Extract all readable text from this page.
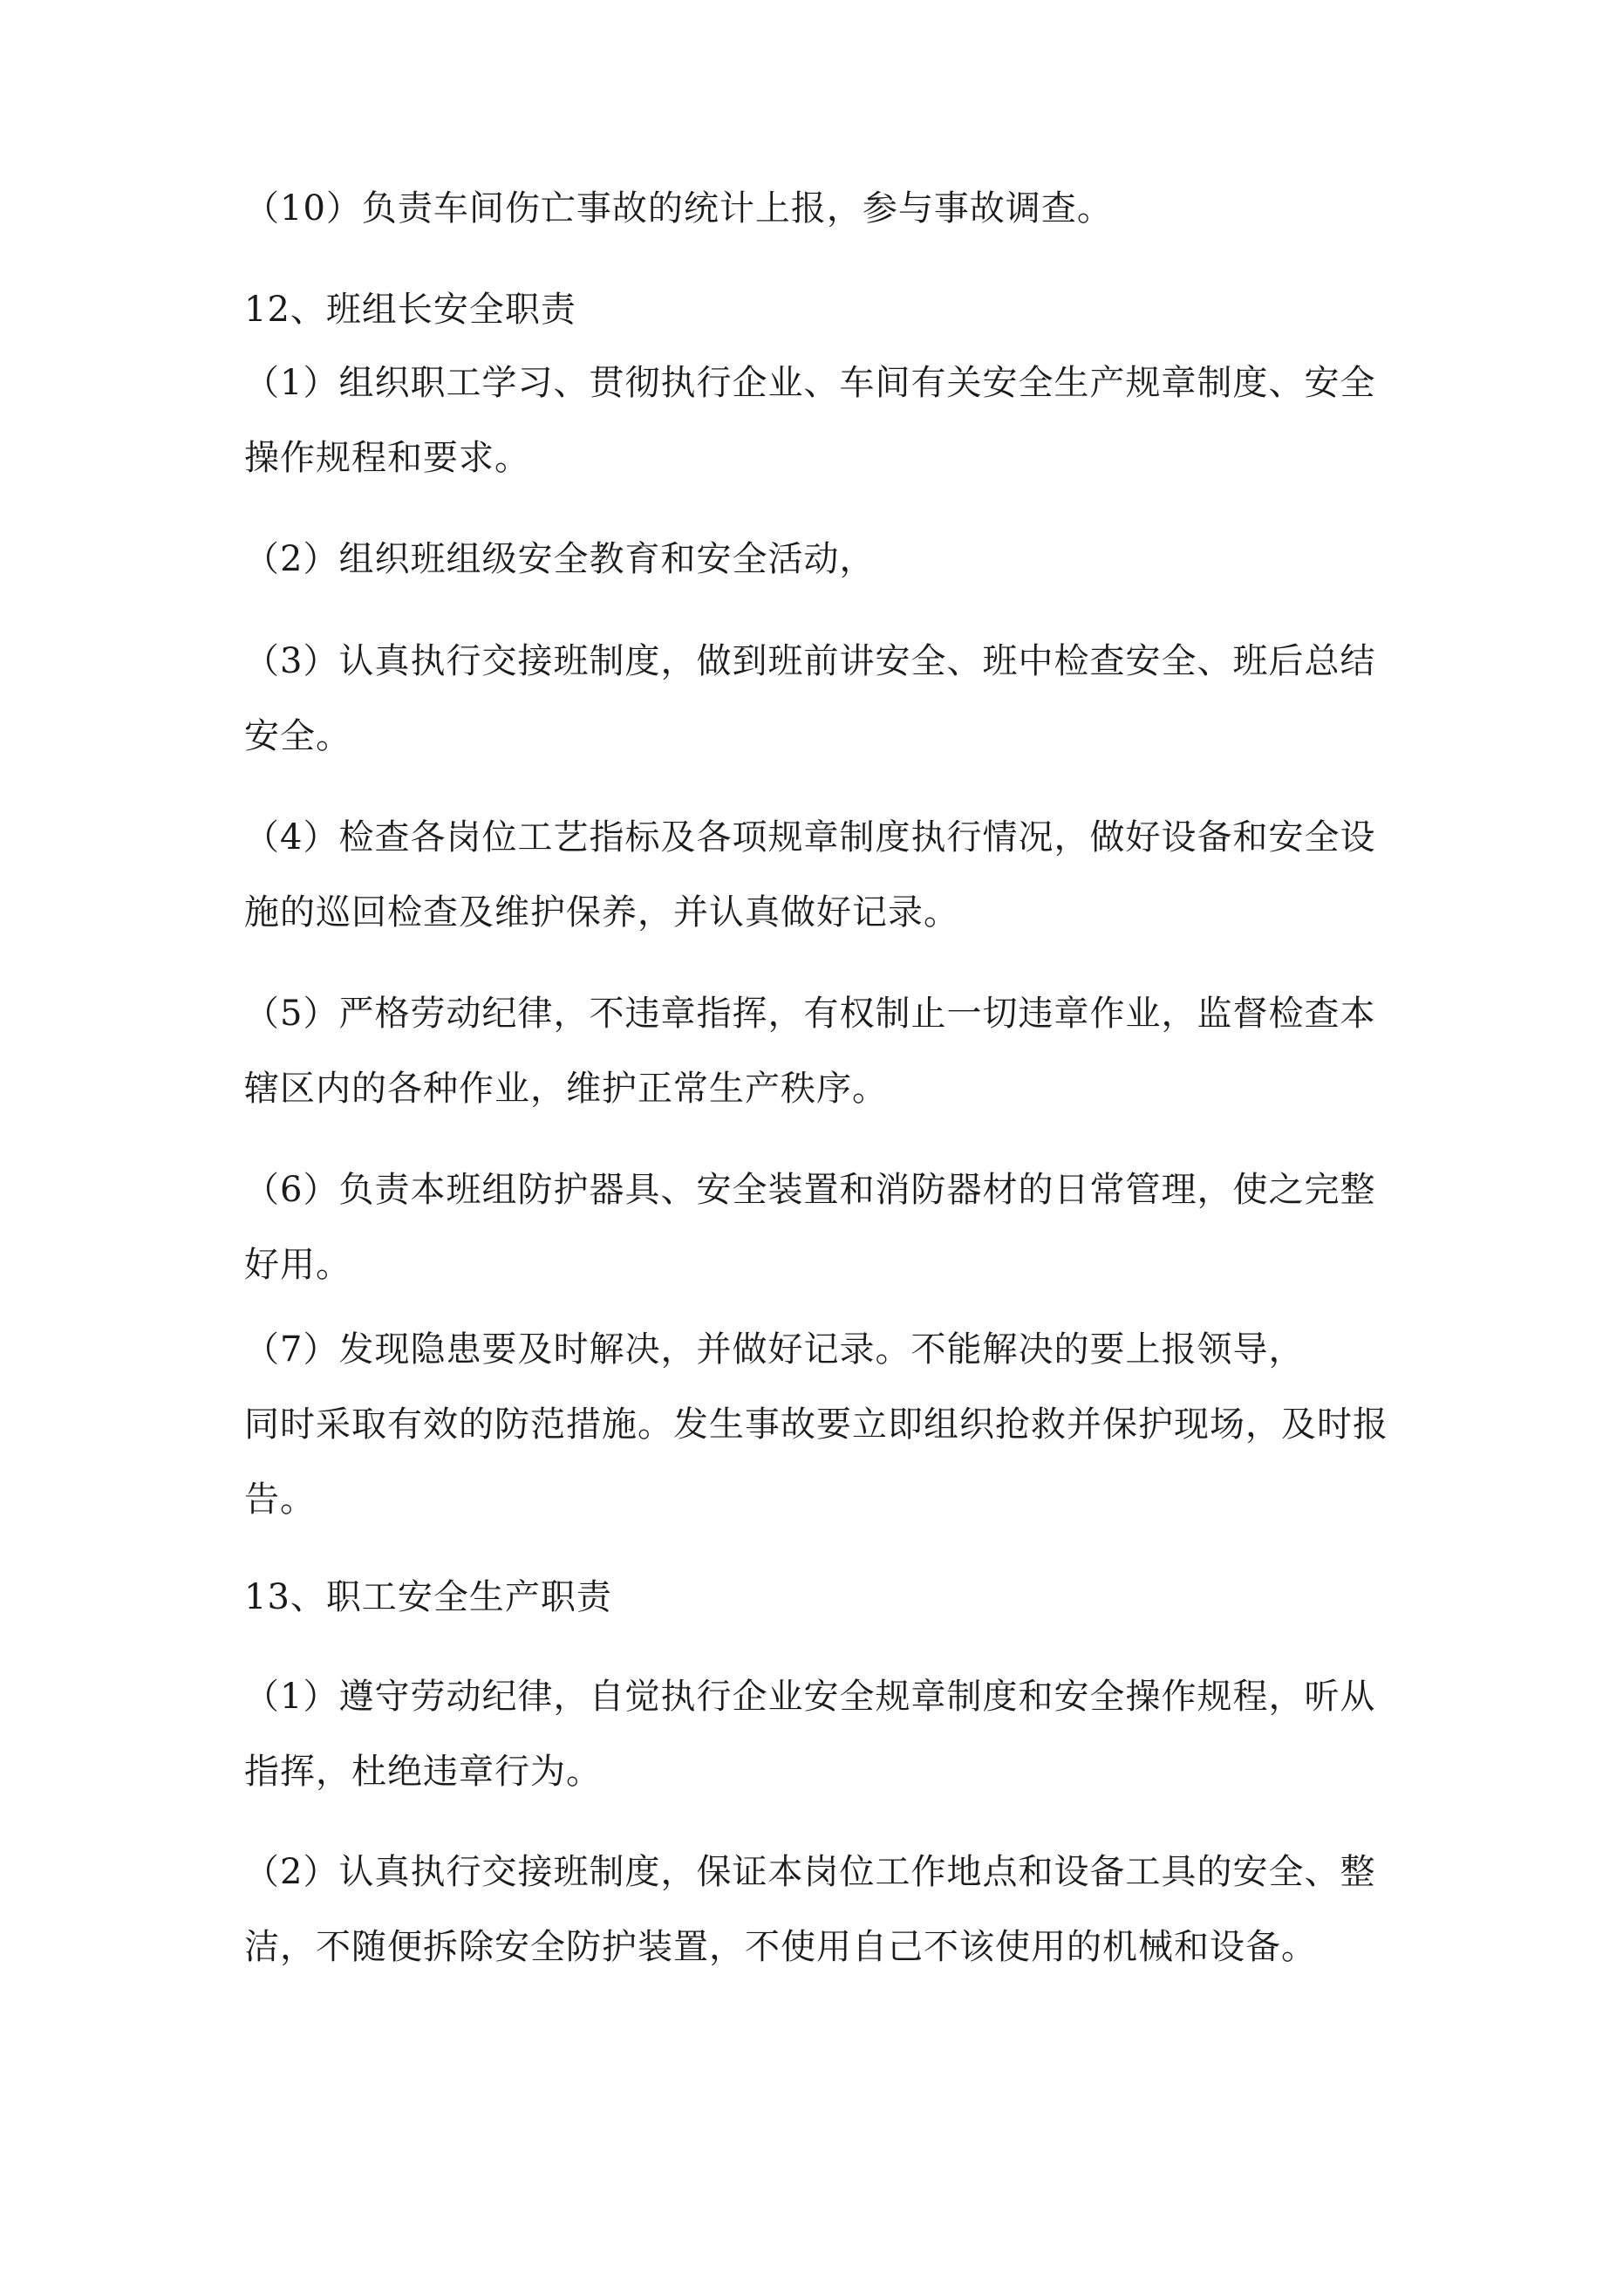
（10）负责车间伤亡事故的统计上报，参与事故调查。

12、班组长安全职责

（1）组织职工学习、贯彻执行企业、车间有关安全生产规章制度、安全
操作规程和要求。

（2）组织班组级安全教育和安全活动，

（3）认真执行交接班制度，做到班前讲安全、班中检查安全、班后总结
安全。

（4）检查各岗位工艺指标及各项规章制度执行情况，做好设备和安全设
施的巡回检查及维护保养，并认真做好记录。

（5）严格劳动纪律，不违章指挥，有权制止一切违章作业，监督检查本
辖区内的各种作业，维护正常生产秩序。

（6）负责本班组防护器具、安全装置和消防器材的日常管理，使之完整
好用。

（7）发现隐患要及时解决，并做好记录。不能解决的要上报领导，
同时采取有效的防范措施。发生事故要立即组织抢救并保护现场，及时报
告。

13、职工安全生产职责

（1）遵守劳动纪律，自觉执行企业安全规章制度和安全操作规程，听从
指挥，杜绝违章行为。

（2）认真执行交接班制度，保证本岗位工作地点和设备工具的安全、整
洁，不随便拆除安全防护装置，不使用自己不该使用的机械和设备。
